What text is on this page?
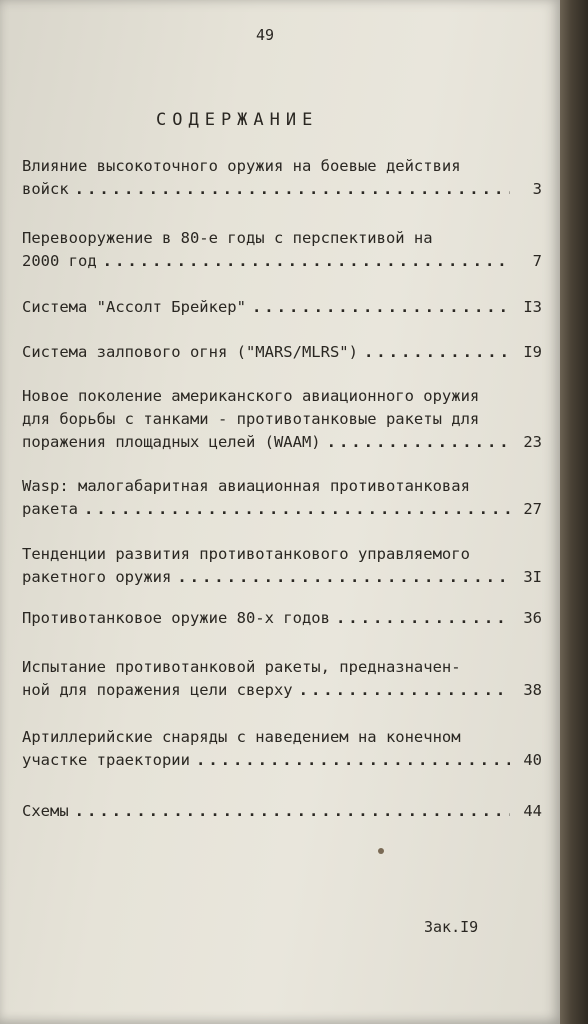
49
СОДЕРЖАНИЕ
Влияние высокоточного оружия на боевые действия
войск .....	3
Перевооружение в 80-е годы с перспективой на
2000 год .....	7
Система "Ассолт Брейкер" .....	I3
Система залпового огня ("MARS/MLRS") .....	I9
Новое поколение американского авиационного оружия
для борьбы с танками - противотанковые ракеты для
поражения площадных целей (WAAM) .....	23
Wasp: малогабаритная авиационная противотанковая
ракета .....	27
Тенденции развития противотанкового управляемого
ракетного оружия .....	3I
Противотанковое оружие 80-х годов .....	36
Испытание противотанковой ракеты, предназначен-
ной для поражения цели сверху .....	38
Артиллерийские снаряды с наведением на конечном
участке траектории .....	40
Схемы .....	44
Зак.I9
